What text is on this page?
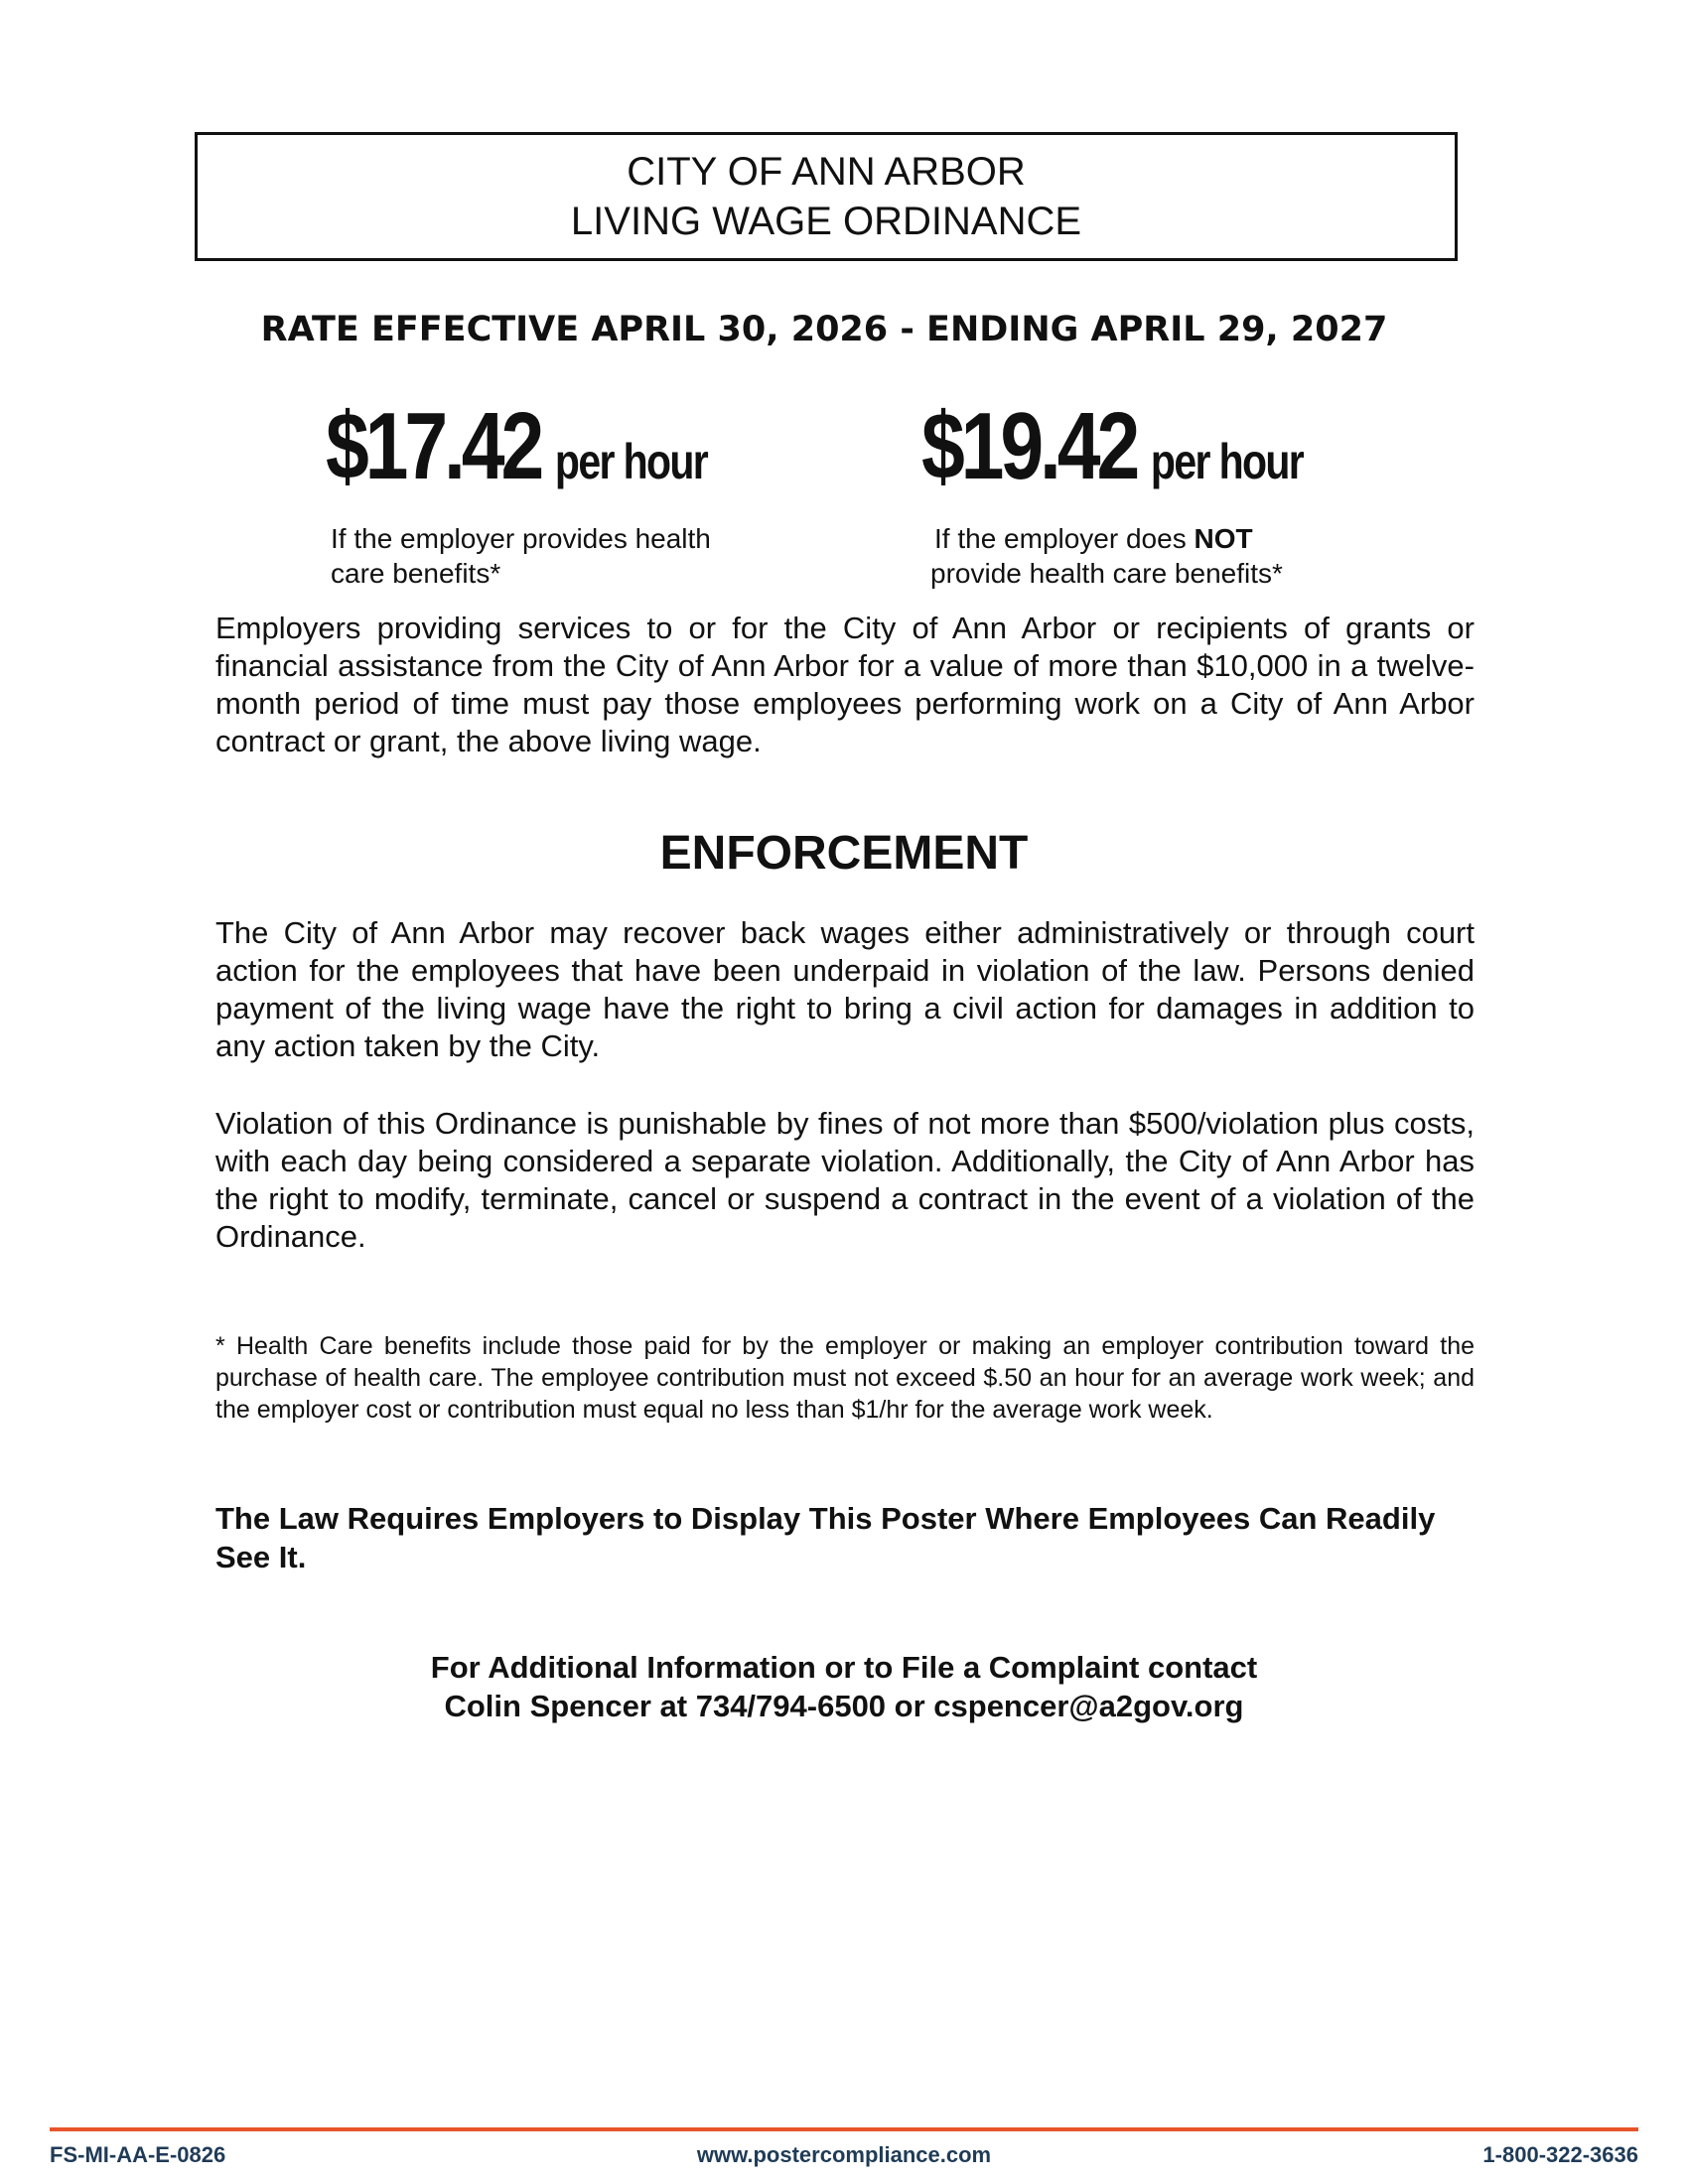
CITY OF ANN ARBOR
LIVING WAGE ORDINANCE
RATE EFFECTIVE APRIL 30, 2026 - ENDING APRIL 29, 2027
$17.42 per hour
If the employer provides health
care benefits*
$19.42 per hour
If the employer does NOT
provide health care benefits*
Employers providing services to or for the City of Ann Arbor or recipients of grants or financial assistance from the City of Ann Arbor for a value of more than $10,000 in a twelve-month period of time must pay those employees performing work on a City of Ann Arbor contract or grant, the above living wage.
ENFORCEMENT
The City of Ann Arbor may recover back wages either administratively or through court action for the employees that have been underpaid in violation of the law. Persons denied payment of the living wage have the right to bring a civil action for damages in addition to any action taken by the City.
Violation of this Ordinance is punishable by fines of not more than $500/violation plus costs, with each day being considered a separate violation. Additionally, the City of Ann Arbor has the right to modify, terminate, cancel or suspend a contract in the event of a violation of the Ordinance.
* Health Care benefits include those paid for by the employer or making an employer contribution toward the purchase of health care. The employee contribution must not exceed $.50 an hour for an average work week; and the employer cost or contribution must equal no less than $1/hr for the average work week.
The Law Requires Employers to Display This Poster Where Employees Can Readily See It.
For Additional Information or to File a Complaint contact
Colin Spencer at 734/794-6500 or cspencer@a2gov.org
FS-MI-AA-E-0826	www.postercompliance.com	1-800-322-3636
